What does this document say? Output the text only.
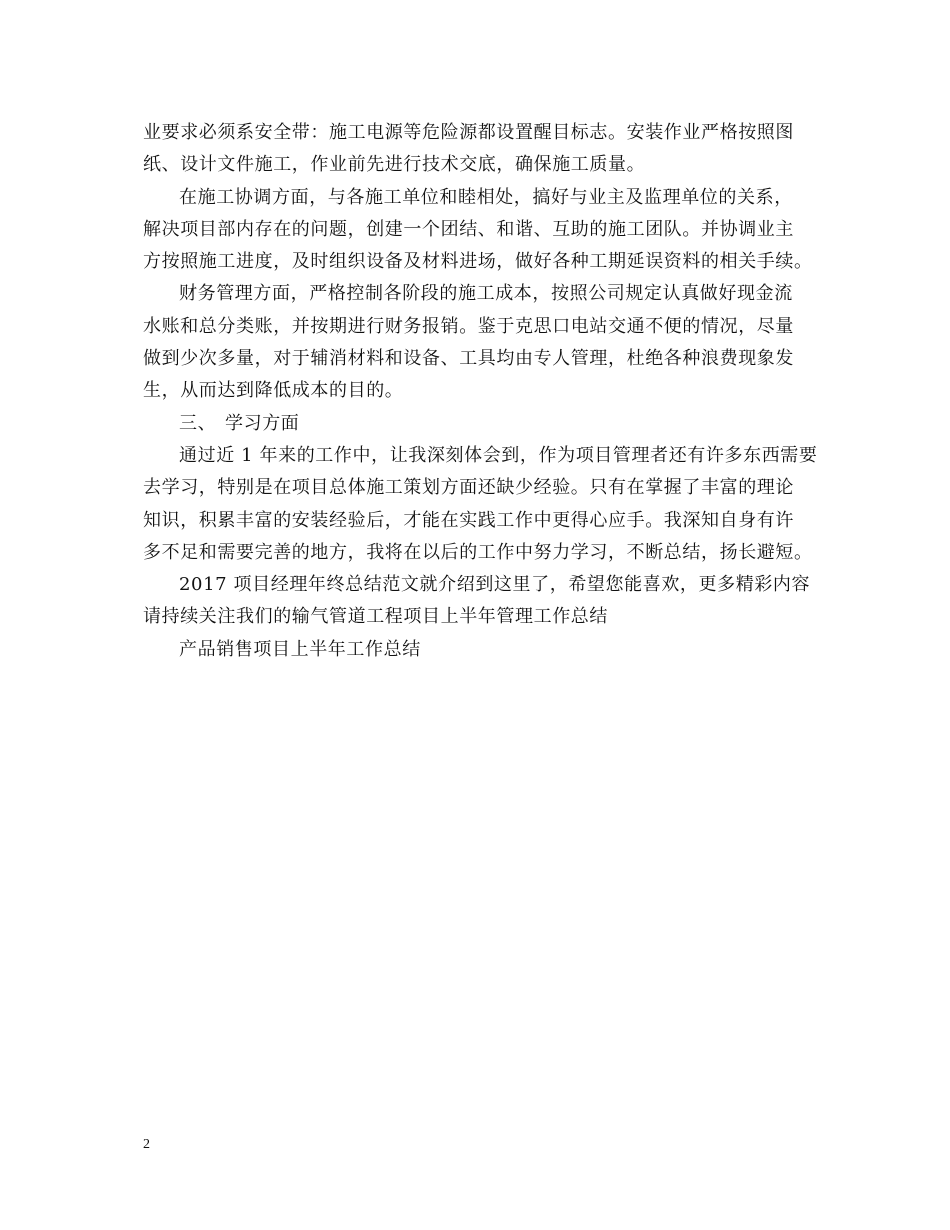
业要求必须系安全带：施工电源等危险源都设置醒目标志。安装作业严格按照图
纸、设计文件施工，作业前先进行技术交底，确保施工质量。

在施工协调方面，与各施工单位和睦相处，搞好与业主及监理单位的关系，
解决项目部内存在的问题，创建一个团结、和谐、互助的施工团队。并协调业主
方按照施工进度，及时组织设备及材料进场，做好各种工期延误资料的相关手续。

财务管理方面，严格控制各阶段的施工成本，按照公司规定认真做好现金流
水账和总分类账，并按期进行财务报销。鉴于克思口电站交通不便的情况，尽量
做到少次多量，对于辅消材料和设备、工具均由专人管理，杜绝各种浪费现象发
生，从而达到降低成本的目的。

三、 学习方面

通过近 1 年来的工作中，让我深刻体会到，作为项目管理者还有许多东西需要
去学习，特别是在项目总体施工策划方面还缺少经验。只有在掌握了丰富的理论
知识，积累丰富的安装经验后，才能在实践工作中更得心应手。我深知自身有许
多不足和需要完善的地方，我将在以后的工作中努力学习，不断总结，扬长避短。

2017 项目经理年终总结范文就介绍到这里了，希望您能喜欢，更多精彩内容
请持续关注我们的输气管道工程项目上半年管理工作总结

产品销售项目上半年工作总结

2
